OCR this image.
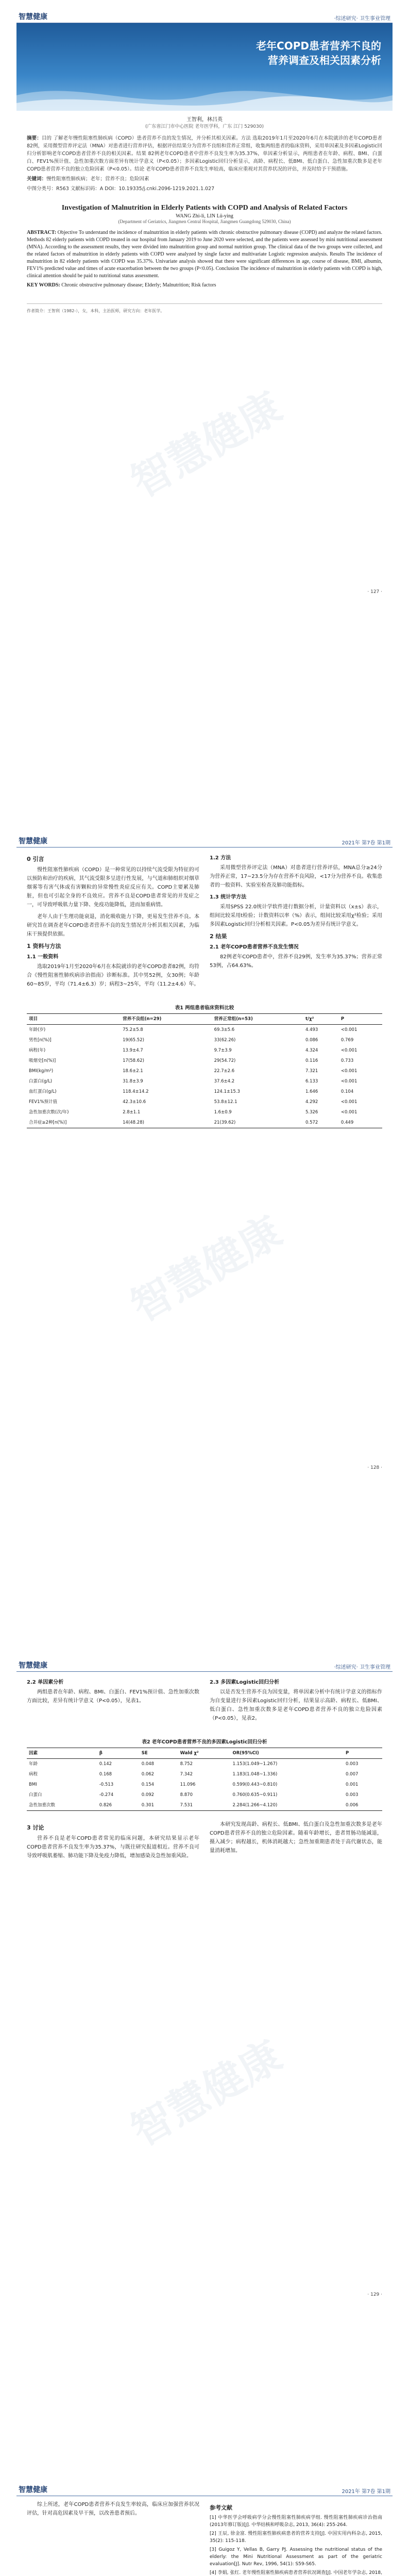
智慧健康	·综述研究· 卫生事业管理
老年COPD患者营养不良的
营养调查及相关因素分析
王智利，林吕英
(广东省江门市中心医院 老年医学科，广东 江门 529030)
摘要：目的 了解老年慢性阻塞性肺疾病（COPD）患者营养不良的发生情况，并分析其相关因素。方法 选取2019年1月至2020年6月在本院就诊的老年COPD患者82例，采用微型营养评定法（MNA）对患者进行营养评估，根据评估结果分为营养不良组和营养正常组，收集两组患者的临床资料，采用单因素及多因素Logistic回归分析影响老年COPD患者营养不良的相关因素。结果 82例老年COPD患者中营养不良发生率为35.37%，单因素分析显示，两组患者在年龄、病程、BMI、白蛋白、FEV1%预计值、急性加重次数方面差异有统计学意义（P<0.05）；多因素Logistic回归分析显示，高龄、病程长、低BMI、低白蛋白、急性加重次数多是老年COPD患者营养不良的独立危险因素（P<0.05）。结论 老年COPD患者营养不良发生率较高，临床应重视对其营养状况的评估，并及时给予干预措施。
关键词：慢性阻塞性肺疾病；老年；营养不良；危险因素
中图分类号：R563 文献标识码：A DOI：10.19335/j.cnki.2096-1219.2021.1.027
Investigation of Malnutrition in Elderly Patients with COPD and Analysis of Related Factors
WANG Zhi-li, LIN Lü-ying
(Department of Geriatrics, Jiangmen Central Hospital, Jiangmen Guangdong 529030, China)
ABSTRACT: Objective To understand the incidence of malnutrition in elderly patients with chronic obstructive pulmonary disease (COPD) and analyze the related factors. Methods 82 elderly patients with COPD treated in our hospital from January 2019 to June 2020 were selected, and the patients were assessed by mini nutritional assessment (MNA). According to the assessment results, they were divided into malnutrition group and normal nutrition group. The clinical data of the two groups were collected, and the related factors of malnutrition in elderly patients with COPD were analyzed by single factor and multivariate Logistic regression analysis. Results The incidence of malnutrition in 82 elderly patients with COPD was 35.37%. Univariate analysis showed that there were significant differences in age, course of disease, BMI, albumin, FEV1% predicted value and times of acute exacerbation between the two groups (P<0.05). Conclusion The incidence of malnutrition in elderly patients with COPD is high, clinical attention should be paid to nutritional status assessment.
KEY WORDS: Chronic obstructive pulmonary disease; Elderly; Malnutrition; Risk factors
作者简介：王智利（1982-），女，本科，主治医师，研究方向：老年医学。
· 127 ·
智慧健康	2021年 第7卷 第1期
0 引言

慢性阻塞性肺疾病（COPD）是一种常见的以持续气流受限为特征的可以预防和治疗的疾病，其气流受限多呈进行性发展，与气道和肺组织对烟草烟雾等有害气体或有害颗粒的异常慢性炎症反应有关。COPD主要累及肺脏，但也可引起全身的不良效应。营养不良是COPD患者常见的并发症之一，可导致呼吸肌力量下降、免疫功能降低，进而加重病情。

老年人由于生理功能衰退，消化吸收能力下降，更易发生营养不良。本研究旨在调查老年COPD患者营养不良的发生情况并分析其相关因素，为临床干预提供依据。

1 资料与方法
1.1 一般资料

选取2019年1月至2020年6月在本院就诊的老年COPD患者82例，均符合《慢性阻塞性肺疾病诊治指南》诊断标准。其中男52例，女30例；年龄60~85岁，平均（71.4±6.3）岁；病程3~25年，平均（11.2±4.6）年。

1.2 方法

采用微型营养评定法（MNA）对患者进行营养评估，MNA总分≥24分为营养正常，17~23.5分为存在营养不良风险，<17分为营养不良。收集患者的一般资料、实验室检查及肺功能指标。

1.3 统计学方法

采用SPSS 22.0统计学软件进行数据分析，计量资料以（x±s）表示，组间比较采用t检验；计数资料以率（%）表示，组间比较采用χ²检验；采用多因素Logistic回归分析相关因素。P<0.05为差异有统计学意义。

2 结果
2.1 老年COPD患者营养不良发生情况

82例老年COPD患者中，营养不良29例，发生率为35.37%；营养正常53例，占64.63%。

表1 两组患者临床资料比较
项目	营养不良组(n=29)	营养正常组(n=53)	t/χ²	P
年龄(岁)	75.2±5.8	69.3±5.6	4.493	<0.001
男性[n(%)]	19(65.52)	33(62.26)	0.086	0.769
病程(年)	13.9±4.7	9.7±3.9	4.324	<0.001
吸烟史[n(%)]	17(58.62)	29(54.72)	0.116	0.733
BMI(kg/m²)	18.6±2.1	22.7±2.6	7.321	<0.001
白蛋白(g/L)	31.8±3.9	37.6±4.2	6.133	<0.001
血红蛋白(g/L)	118.4±14.2	124.1±15.3	1.646	0.104
FEV1%预计值	42.3±10.6	53.8±12.1	4.292	<0.001
急性加重次数(次/年)	2.8±1.1	1.6±0.9	5.326	<0.001
合并症≥2种[n(%)]	14(48.28)	21(39.62)	0.572	0.449
· 128 ·
智慧健康	·综述研究· 卫生事业管理
2.2 单因素分析

两组患者在年龄、病程、BMI、白蛋白、FEV1%预计值、急性加重次数方面比较，差异有统计学意义（P<0.05），见表1。

2.3 多因素Logistic回归分析

以是否发生营养不良为因变量，将单因素分析中有统计学意义的指标作为自变量进行多因素Logistic回归分析，结果显示高龄、病程长、低BMI、低白蛋白、急性加重次数多是老年COPD患者营养不良的独立危险因素（P<0.05），见表2。

表2 老年COPD患者营养不良的多因素Logistic回归分析
因素	β	SE	Wald χ²	OR(95%CI)	P
年龄	0.142	0.048	8.752	1.153(1.049~1.267)	0.003
病程	0.168	0.062	7.342	1.183(1.048~1.336)	0.007
BMI	-0.513	0.154	11.096	0.599(0.443~0.810)	0.001
白蛋白	-0.274	0.092	8.870	0.760(0.635~0.911)	0.003
急性加重次数	0.826	0.301	7.531	2.284(1.266~4.120)	0.006
3 讨论

营养不良是老年COPD患者常见的临床问题，本研究结果显示老年COPD患者营养不良发生率为35.37%，与既往研究报道相近。营养不良可导致呼吸肌萎缩、肺功能下降及免疫力降低，增加感染及急性加重风险。

本研究发现高龄、病程长、低BMI、低白蛋白及急性加重次数多是老年COPD患者营养不良的独立危险因素。随着年龄增长，患者胃肠功能减退，摄入减少；病程越长，机体消耗越大；急性加重期患者处于高代谢状态，能量消耗增加。

· 129 ·
智慧健康	2021年 第7卷 第1期

综上所述，老年COPD患者营养不良发生率较高，临床应加强营养状况评估，针对高危因素及早干预，以改善患者预后。

参考文献
[1] 中华医学会呼吸病学分会慢性阻塞性肺疾病学组. 慢性阻塞性肺疾病诊治指南(2013年修订版)[J]. 中华结核和呼吸杂志, 2013, 36(4): 255-264.
[2] 王辰, 徐金富. 慢性阻塞性肺疾病患者的营养支持[J]. 中国实用内科杂志, 2015, 35(2): 115-118.
[3] Guigoz Y, Vellas B, Garry PJ. Assessing the nutritional status of the elderly: the Mini Nutritional Assessment as part of the geriatric evaluation[J]. Nutr Rev, 1996, 54(1): S59-S65.
[4] 李娟, 张红. 老年慢性阻塞性肺疾病患者营养状况调查[J]. 中国老年学杂志, 2018,
智慧健康
智慧健康
智慧健康
